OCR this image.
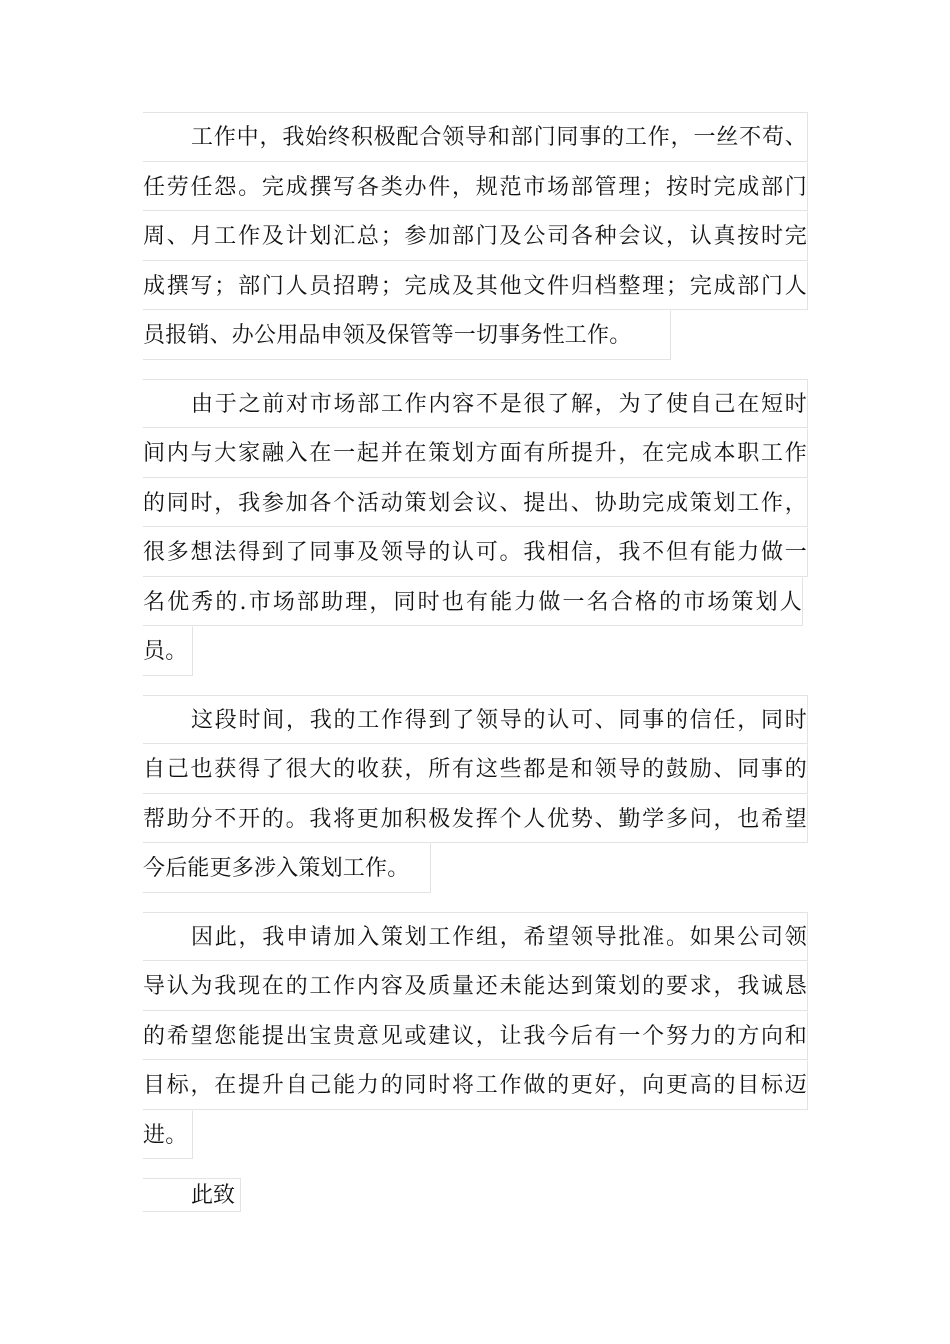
工作中，我始终积极配合领导和部门同事的工作，一丝不苟、
任劳任怨。完成撰写各类办件，规范市场部管理；按时完成部门
周、月工作及计划汇总；参加部门及公司各种会议，认真按时完
成撰写；部门人员招聘；完成及其他文件归档整理；完成部门人
员报销、办公用品申领及保管等一切事务性工作。
由于之前对市场部工作内容不是很了解，为了使自己在短时
间内与大家融入在一起并在策划方面有所提升，在完成本职工作
的同时，我参加各个活动策划会议、提出、协助完成策划工作，
很多想法得到了同事及领导的认可。我相信，我不但有能力做一
名优秀的.市场部助理，同时也有能力做一名合格的市场策划人
员。
这段时间，我的工作得到了领导的认可、同事的信任，同时
自己也获得了很大的收获，所有这些都是和领导的鼓励、同事的
帮助分不开的。我将更加积极发挥个人优势、勤学多问，也希望
今后能更多涉入策划工作。
因此，我申请加入策划工作组，希望领导批准。如果公司领
导认为我现在的工作内容及质量还未能达到策划的要求，我诚恳
的希望您能提出宝贵意见或建议，让我今后有一个努力的方向和
目标，在提升自己能力的同时将工作做的更好，向更高的目标迈
进。
此致
